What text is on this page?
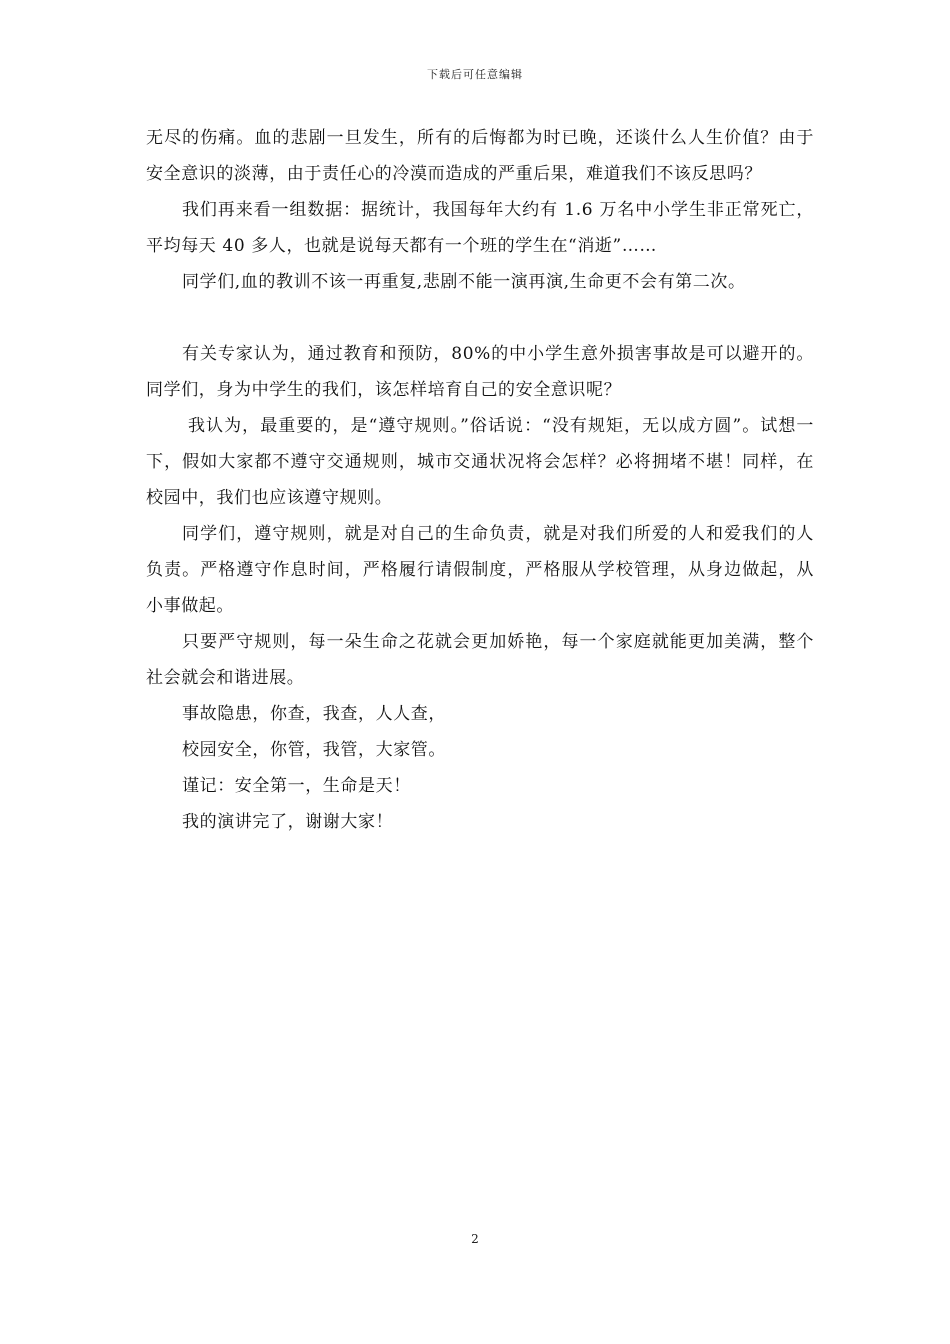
下载后可任意编辑

无尽的伤痛。血的悲剧一旦发生，所有的后悔都为时已晚，还谈什么人生价值？由于安全意识的淡薄，由于责任心的冷漠而造成的严重后果，难道我们不该反思吗？

我们再来看一组数据：据统计，我国每年大约有 1.6 万名中小学生非正常死亡，平均每天 40 多人，也就是说每天都有一个班的学生在“消逝”……

同学们,血的教训不该一再重复,悲剧不能一演再演,生命更不会有第二次。

有关专家认为，通过教育和预防，80%的中小学生意外损害事故是可以避开的。同学们，身为中学生的我们，该怎样培育自己的安全意识呢？

我认为，最重要的，是“遵守规则。”俗话说：“没有规矩，无以成方圆”。试想一下，假如大家都不遵守交通规则，城市交通状况将会怎样？必将拥堵不堪！同样，在校园中，我们也应该遵守规则。

同学们，遵守规则，就是对自己的生命负责，就是对我们所爱的人和爱我们的人负责。严格遵守作息时间，严格履行请假制度，严格服从学校管理，从身边做起，从小事做起。

只要严守规则，每一朵生命之花就会更加娇艳，每一个家庭就能更加美满，整个社会就会和谐进展。

事故隐患，你查，我查，人人查，

校园安全，你管，我管，大家管。

谨记：安全第一，生命是天！

我的演讲完了，谢谢大家！

2
